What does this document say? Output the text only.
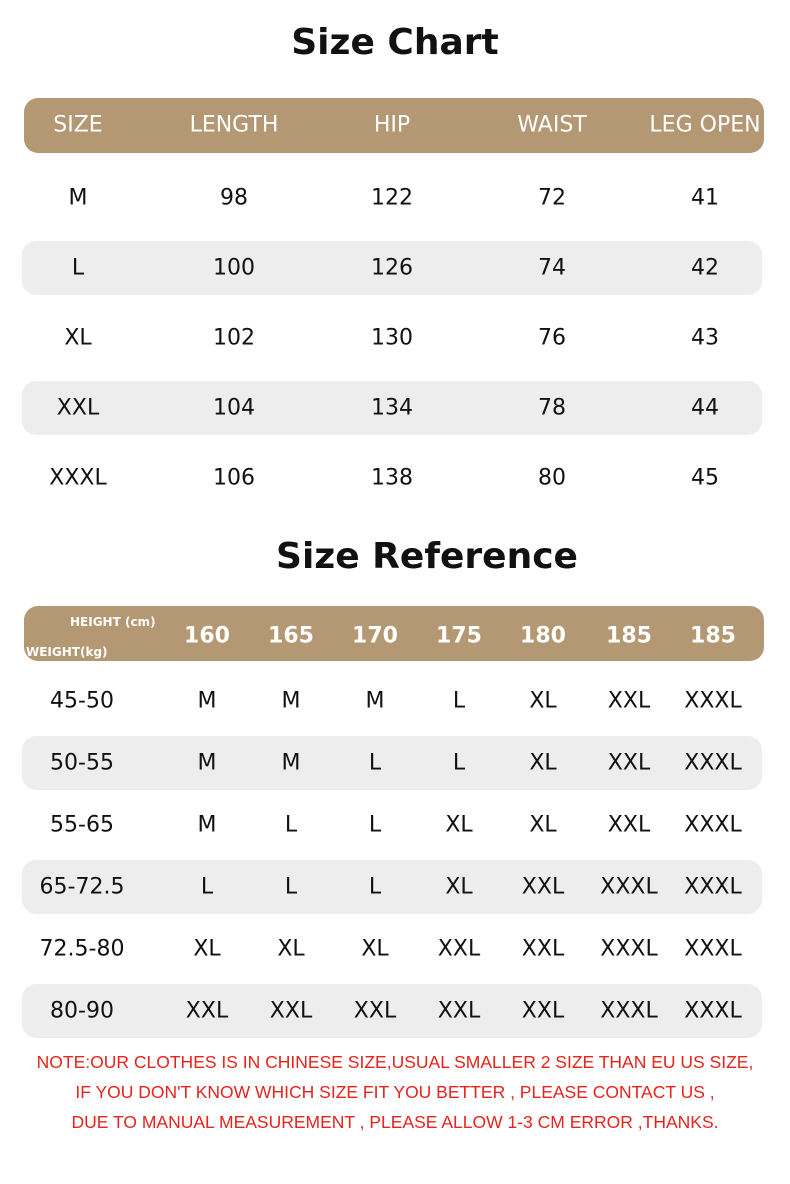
Size Chart
SIZE	LENGTH	HIP	WAIST	LEG OPEN
M	98	122	72	41
L	100	126	74	42
XL	102	130	76	43
XXL	104	134	78	44
XXXL	106	138	80	45
Size Reference
HEIGHT (cm)
WEIGHT(kg)
160 165 170 175 180 185 185
45-50	M	M	M	L	XL XXL XXXL
50-55	M	M	L	L	XL XXL XXXL
55-65	M	L	L	XL	XL XXL XXXL
65-72.5	L	L	L	XL XXL XXXL XXXL
72.5-80	XL	XL	XL XXL XXL XXXL XXXL
80-90	XXL XXL XXL XXL XXL XXXL XXXL
NOTE:OUR CLOTHES IS IN CHINESE SIZE,USUAL SMALLER 2 SIZE THAN EU US SIZE,
IF YOU DON'T KNOW WHICH SIZE FIT YOU BETTER , PLEASE CONTACT US ,
DUE TO MANUAL MEASUREMENT , PLEASE ALLOW 1-3 CM ERROR ,THANKS.
